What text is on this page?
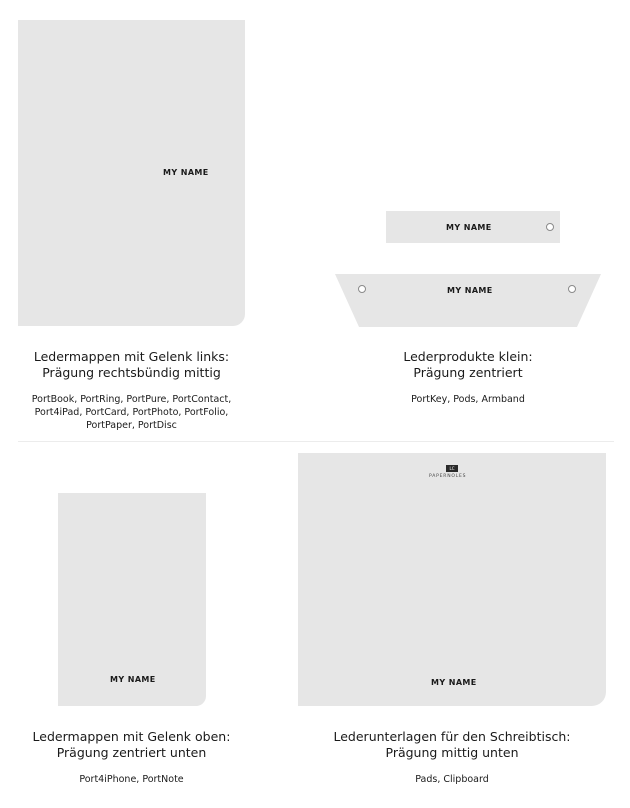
MY NAME
MY NAME
MY NAME
Ledermappen mit Gelenk links:
Prägung rechtsbündig mittig
PortBook, PortRing, PortPure, PortContact,
Port4iPad, PortCard, PortPhoto, PortFolio,
PortPaper, PortDisc
Lederprodukte klein:
Prägung zentriert
PortKey, Pods, Armband
MY NAME
LC
PAPERNOLES
MY NAME
Ledermappen mit Gelenk oben:
Prägung zentriert unten
Port4iPhone, PortNote
Lederunterlagen für den Schreibtisch:
Prägung mittig unten
Pads, Clipboard
